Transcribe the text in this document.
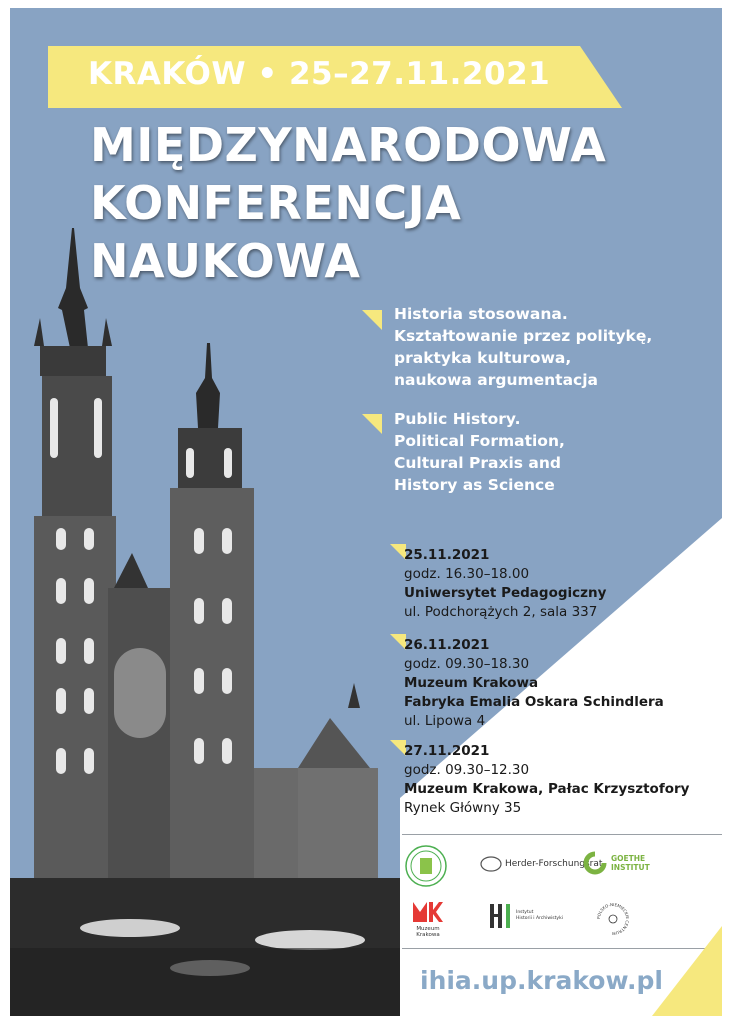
KRAKÓW • 25–27.11.2021
MIĘDZYNARODOWA
KONFERENCJA
NAUKOWA
Historia stosowana.
Kształtowanie przez politykę,
praktyka kulturowa,
naukowa argumentacja
Public History.
Political Formation,
Cultural Praxis and
History as Science
25.11.2021
godz. 16.30–18.00
Uniwersytet Pedagogiczny
ul. Podchorążych 2, sala 337
26.11.2021
godz. 09.30–18.30
Muzeum Krakowa
Fabryka Emalia Oskara Schindlera
ul. Lipowa 4
27.11.2021
godz. 09.30–12.30
Muzeum Krakowa, Pałac Krzysztofory
Rynek Główny 35
Herder-Forschungsrat
GOETHE
INSTITUT
Muzeum Krakowa
Instytut
Historii i Archiwistyki	POLSKO-NIEMIECKIE CENTRUM
ihia.up.krakow.pl
